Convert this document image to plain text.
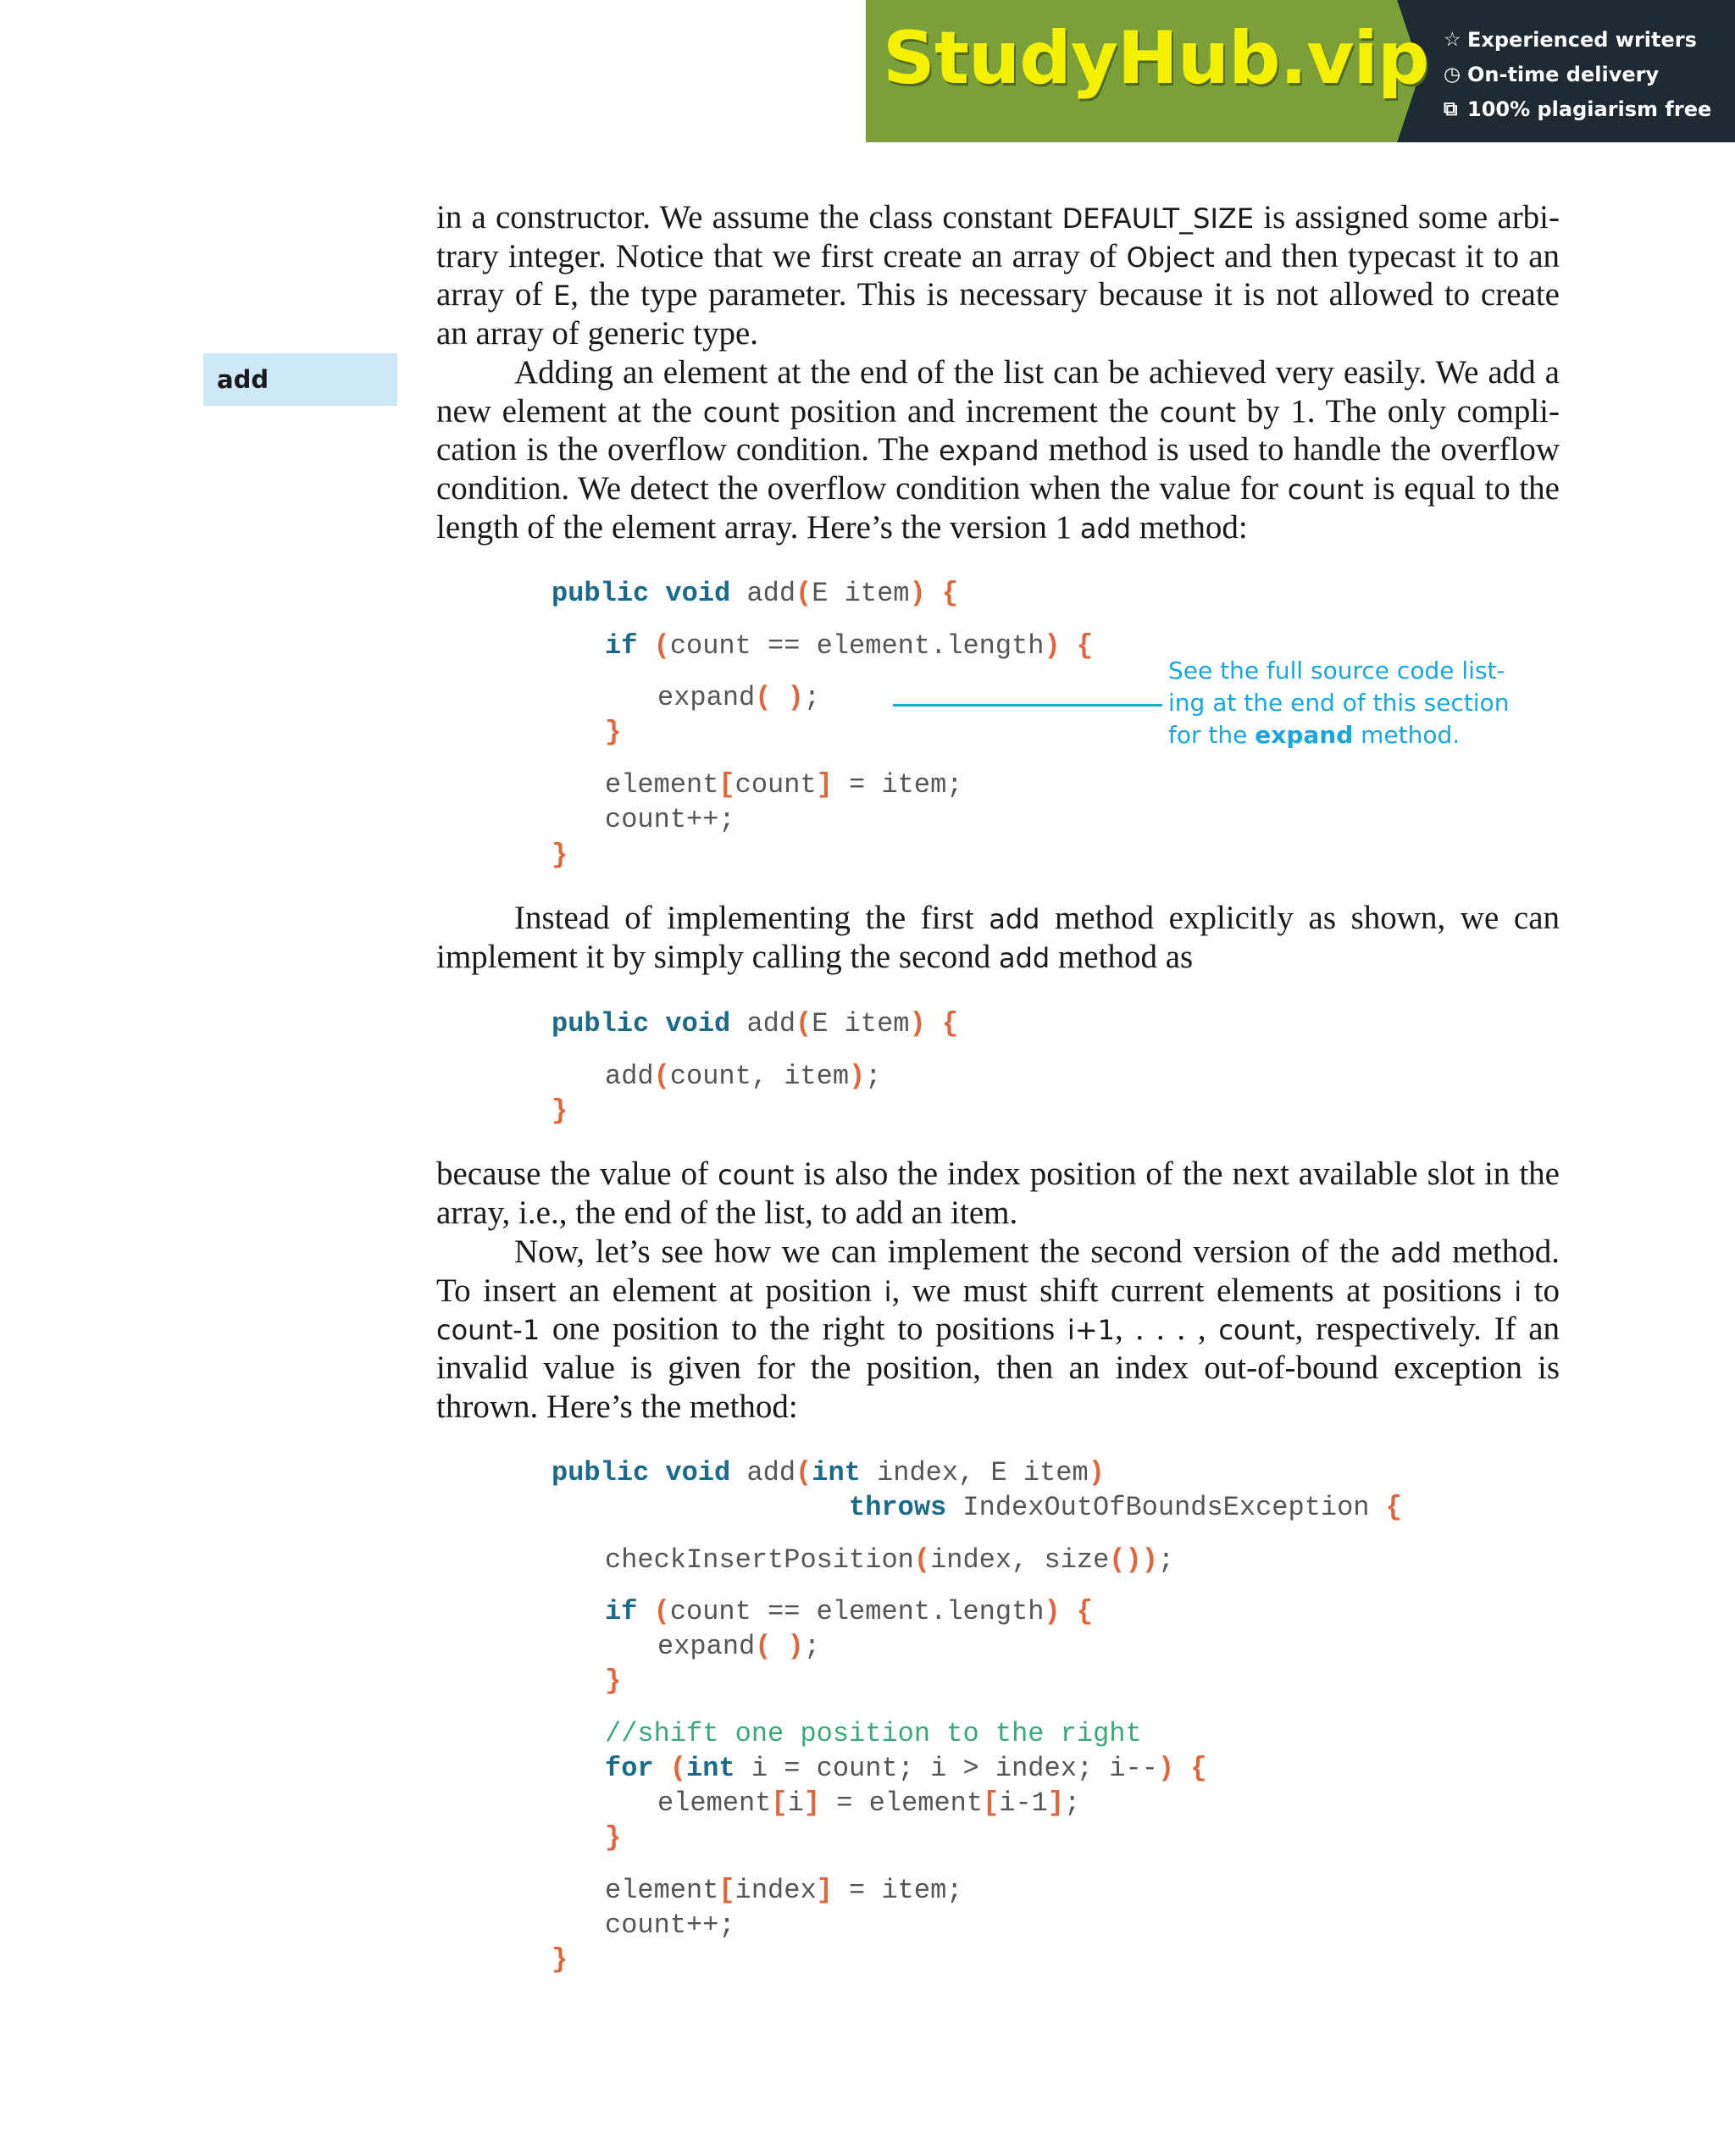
StudyHub.vip ☆ Experienced writers
◷ On-time delivery
⧉ 100% plagiarism free
add
in a constructor. We assume the class constant DEFAULT_SIZE is assigned some arbi-
trary integer. Notice that we first create an array of Object and then typecast it to an
array of E, the type parameter. This is necessary because it is not allowed to create
an array of generic type.
Adding an element at the end of the list can be achieved very easily. We add a
new element at the count position and increment the count by 1. The only compli-
cation is the overflow condition. The expand method is used to handle the overflow
condition. We detect the overflow condition when the value for count is equal to the
length of the element array. Here’s the version 1 add method:

public void add(E item) {

if (count == element.length) {

expand( );

}

element[count] = item;

count++;

}

See the full source code list-
ing at the end of this section
for the expand method.
Instead of implementing the first add method explicitly as shown, we can
implement it by simply calling the second add method as

public void add(E item) {

add(count, item);

}

because the value of count is also the index position of the next available slot in the
array, i.e., the end of the list, to add an item.
Now, let’s see how we can implement the second version of the add method.
To insert an element at position i, we must shift current elements at positions i to
count-1 one position to the right to positions i+1, . . . , count, respectively. If an
invalid value is given for the position, then an index out-of-bound exception is
thrown. Here’s the method:

public void add(int index, E item)

throws IndexOutOfBoundsException {

checkInsertPosition(index, size());

if (count == element.length) {

expand( );

}

//shift one position to the right

for (int i = count; i > index; i--) {

element[i] = element[i-1];

}

element[index] = item;

count++;

}
